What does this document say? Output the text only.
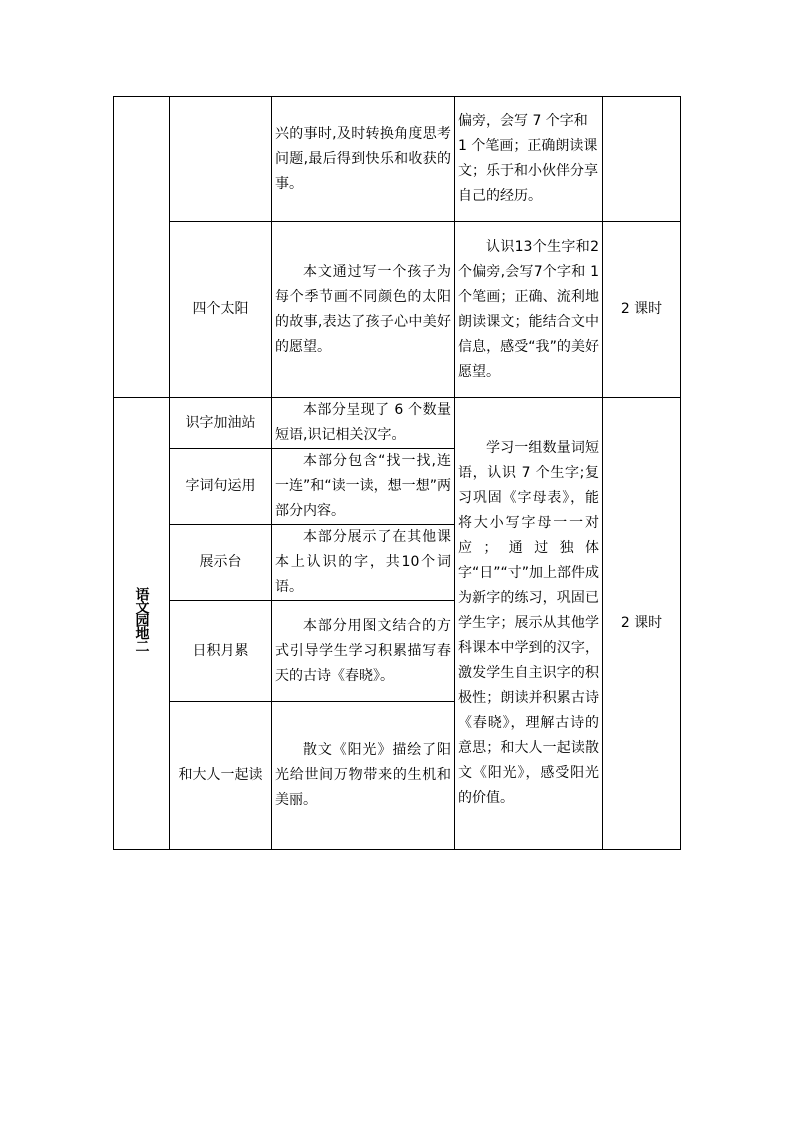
		兴的事时,及时转换角度思考问题,最后得到快乐和收获的事。	偏旁，会写 7 个字和 1 个笔画；正确朗读课文；乐于和小伙伴分享自己的经历。	
	四个太阳	本文通过写一个孩子为每个季节画不同颜色的太阳的故事,表达了孩子心中美好的愿望。	认识13个生字和2个偏旁,会写7个字和 1 个笔画；正确、流利地朗读课文；能结合文中信息，感受“我”的美好愿望。	2 课时
语文园地二	识字加油站	本部分呈现了 6 个数量短语,识记相关汉字。	学习一组数量词短语，认识 7 个生字;复习巩固《字母表》，能将大小写字母一一对应；通过独体字“日”“寸”加上部件成为新字的练习，巩固已学生字；展示从其他学科课本中学到的汉字，激发学生自主识字的积极性；朗读并积累古诗《春晓》，理解古诗的意思；和大人一起读散文《阳光》，感受阳光的价值。	2 课时
	字词句运用	本部分包含“找一找,连一连”和“读一读，想一想”两部分内容。		
	展示台	本部分展示了在其他课本上认识的字，共10个词语。		
	日积月累	本部分用图文结合的方式引导学生学习积累描写春天的古诗《春晓》。		
	和大人一起读	散文《阳光》描绘了阳光给世间万物带来的生机和美丽。		
